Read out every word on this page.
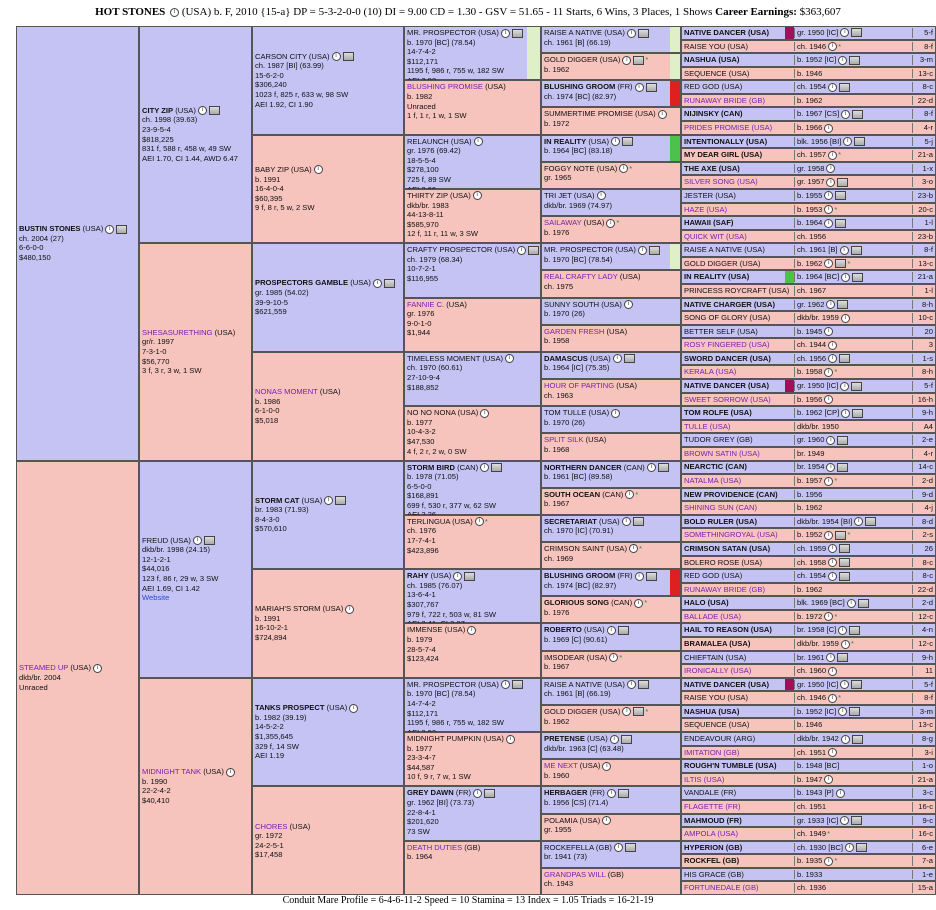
HOT STONES i (USA) b. F, 2010 {15-a} DP = 5-3-2-0-0 (10) DI = 9.00 CD = 1.30 - GSV = 51.65 - 11 Starts, 6 Wins, 3 Places, 1 Shows Career Earnings: $363,607
BUSTIN STONES (USA) i
ch. 2004 (27)
6-6-0-0
$480,150
STEAMED UP (USA) i
dkb/br. 2004
Unraced
CITY ZIP (USA) i
ch. 1998 (39.63)
23-9-5-4
$818,225
831 f, 588 r, 458 w, 49 SW
AEI 1.70, CI 1.44, AWD 6.47
SHESASURETHING (USA)
gr/r. 1997
7-3-1-0
$56,770
3 f, 3 r, 3 w, 1 SW
FREUD (USA) i
dkb/br. 1998 (24.15)
12-1-2-1
$44,016
123 f, 86 r, 29 w, 3 SW
AEI 1.69, CI 1.42
Website
MIDNIGHT TANK (USA) i
b. 1990
22-2-4-2
$40,410
CARSON CITY (USA) i
ch. 1987 [BI] (63.99)
15-6-2-0
$306,240
1023 f, 825 r, 633 w, 98 SW
AEI 1.92, CI 1.90
BABY ZIP (USA) i
b. 1991
16-4-0-4
$60,395
9 f, 8 r, 5 w, 2 SW
PROSPECTORS GAMBLE (USA) i
gr. 1985 (54.02)
39-9-10-5
$621,559
NONAS MOMENT (USA)
b. 1986
6-1-0-0
$5,018
STORM CAT (USA) i
br. 1983 (71.93)
8-4-3-0
$570,610
MARIAH'S STORM (USA) i
b. 1991
16-10-2-1
$724,894
TANKS PROSPECT (USA) i
b. 1982 (39.19)
14-5-2-2
$1,355,645
329 f, 14 SW
AEI 1.19
CHORES (USA)
gr. 1972
24-2-5-1
$17,458
MR. PROSPECTOR (USA) i
b. 1970 [BC] (78.54)
14-7-4-2
$112,171
1195 f, 986 r, 755 w, 182 SW
BLUSHING PROMISE (USA)
b. 1982
Unraced
1 f, 1 r, 1 w, 1 SW
RELAUNCH (USA) i
gr. 1976 (69.42)
18-5-5-4
$278,100
725 f, 89 SW
THIRTY ZIP (USA) i
dkb/br. 1983
44-13-8-11
$585,970
12 f, 11 r, 11 w, 3 SW
CRAFTY PROSPECTOR (USA) i
ch. 1979 (68.34)
10-7-2-1
$116,955
FANNIE C. (USA)
gr. 1976
9-0-1-0
$1,944
TIMELESS MOMENT (USA) i
ch. 1970 (60.61)
27-10-9-4
$188,852
NO NO NONA (USA) i
b. 1977
10-4-3-2
$47,530
4 f, 2 r, 2 w, 0 SW
STORM BIRD (CAN) i
b. 1978 (71.05)
6-5-0-0
$168,891
699 f, 530 r, 377 w, 62 SW
TERLINGUA (USA) i *
ch. 1976
17-7-4-1
$423,896
RAHY (USA) i
ch. 1985 (76.07)
13-6-4-1
$307,767
979 f, 722 r, 503 w, 81 SW
IMMENSE (USA) i
b. 1979
28-5-7-4
$123,424
MR. PROSPECTOR (USA) i
b. 1970 [BC] (78.54)
14-7-4-2
$112,171
1195 f, 986 r, 755 w, 182 SW
MIDNIGHT PUMPKIN (USA) i
b. 1977
23-3-4-7
$44,587
10 f, 9 r, 7 w, 1 SW
GREY DAWN (FR) i
gr. 1962 [BI] (73.73)
22-8-4-1
$201,620
73 SW
DEATH DUTIES (GB)
b. 1964
RAISE A NATIVE (USA) i
ch. 1961 [B] (66.19)
GOLD DIGGER (USA) i *
b. 1962
BLUSHING GROOM (FR) i
ch. 1974 [BC] (82.97)
SUMMERTIME PROMISE (USA) i
b. 1972
IN REALITY (USA) i
b. 1964 [BC] (83.18)
FOGGY NOTE (USA) i *
gr. 1965
TRI JET (USA) i
dkb/br. 1969 (74.97)
SAILAWAY (USA) i *
b. 1976
MR. PROSPECTOR (USA) i
b. 1970 [BC] (78.54)
REAL CRAFTY LADY (USA)
ch. 1975
SUNNY SOUTH (USA) i
b. 1970 (26)
GARDEN FRESH (USA)
b. 1958
DAMASCUS (USA) i
b. 1964 [IC] (75.35)
HOUR OF PARTING (USA)
ch. 1963
TOM TULLE (USA) i
b. 1970 (26)
SPLIT SILK (USA)
b. 1968
NORTHERN DANCER (CAN) i
b. 1961 [BC] (89.58)
SOUTH OCEAN (CAN) i *
b. 1967
SECRETARIAT (USA) i
ch. 1970 [IC] (70.91)
CRIMSON SAINT (USA) i *
ch. 1969
BLUSHING GROOM (FR) i
ch. 1974 [BC] (82.97)
GLORIOUS SONG (CAN) i *
b. 1976
ROBERTO (USA) i
b. 1969 [C] (90.61)
IMSODEAR (USA) i *
b. 1967
RAISE A NATIVE (USA) i
ch. 1961 [B] (66.19)
GOLD DIGGER (USA) i *
b. 1962
PRETENSE (USA) i
dkb/br. 1963 [C] (63.48)
ME NEXT (USA) i
b. 1960
HERBAGER (FR) i
b. 1956 [CS] (71.4)
POLAMIA (USA) i
gr. 1955
ROCKEFELLA (GB) i
br. 1941 (73)
GRANDPAS WILL (GB)
ch. 1943
NATIVE DANCER (USA)	gr. 1950 [IC] i	5-f
RAISE YOU (USA)	ch. 1946 i *	8-f
NASHUA (USA)	b. 1952 [IC] i	3-m
SEQUENCE (USA)	b. 1946	13-c
RED GOD (USA)	ch. 1954 i	8-c
RUNAWAY BRIDE (GB)	b. 1962	22-d
NIJINSKY (CAN)	b. 1967 [CS] i	8-f
PRIDES PROMISE (USA)	b. 1966 i	4-r
INTENTIONALLY (USA)	blk. 1956 [BI] i	5-j
MY DEAR GIRL (USA)	ch. 1957 i *	21-a
THE AXE (USA)	gr. 1958 i	1-x
SILVER SONG (USA)	gr. 1957 i	3-o
JESTER (USA)	b. 1955 i	23-b
HAZE (USA)	b. 1953 i *	20-c
HAWAII (SAF)	b. 1964 i	1-l
QUICK WIT (USA)	ch. 1956	23-b
RAISE A NATIVE (USA)	ch. 1961 [B] i	8-f
GOLD DIGGER (USA)	b. 1962 i *	13-c
IN REALITY (USA)	b. 1964 [BC] i	21-a
PRINCESS ROYCRAFT (USA)	ch. 1967	1-l
NATIVE CHARGER (USA)	gr. 1962 i	8-h
SONG OF GLORY (USA)	dkb/br. 1959 i	10-c
BETTER SELF (USA)	b. 1945 i	20
ROSY FINGERED (USA)	ch. 1944 i	3
SWORD DANCER (USA)	ch. 1956 i	1-s
KERALA (USA)	b. 1958 i *	8-h
NATIVE DANCER (USA)	gr. 1950 [IC] i	5-f
SWEET SORROW (USA)	b. 1956 i	16-h
TOM ROLFE (USA)	b. 1962 [CP] i	9-h
TULLE (USA)	dkb/br. 1950	A4
TUDOR GREY (GB)	gr. 1960 i	2-e
BROWN SATIN (USA)	br. 1949	4-r
NEARCTIC (CAN)	br. 1954 i	14-c
NATALMA (USA)	b. 1957 i *	2-d
NEW PROVIDENCE (CAN)	b. 1956	9-d
SHINING SUN (CAN)	b. 1962	4-j
BOLD RULER (USA)	dkb/br. 1954 [BI] i	8-d
SOMETHINGROYAL (USA)	b. 1952 i *	2-s
CRIMSON SATAN (USA)	ch. 1959 i	26
BOLERO ROSE (USA)	ch. 1958 i	8-c
RED GOD (USA)	ch. 1954 i	8-c
RUNAWAY BRIDE (GB)	b. 1962	22-d
HALO (USA)	blk. 1969 [BC] i	2-d
BALLADE (USA)	b. 1972 i *	12-c
HAIL TO REASON (USA)	br. 1958 [C] i	4-n
BRAMALEA (USA)	dkb/br. 1959 i *	12-c
CHIEFTAIN (USA)	br. 1961 i	9-h
IRONICALLY (USA)	ch. 1960 i	11
NATIVE DANCER (USA)	gr. 1950 [IC] i	5-f
RAISE YOU (USA)	ch. 1946 i *	8-f
NASHUA (USA)	b. 1952 [IC] i	3-m
SEQUENCE (USA)	b. 1946	13-c
ENDEAVOUR (ARG)	dkb/br. 1942 i	8-g
IMITATION (GB)	ch. 1951 i	3-i
ROUGH'N TUMBLE (USA)	b. 1948 [BC]	1-o
ILTIS (USA)	b. 1947 i	21-a
VANDALE (FR)	b. 1943 [P] i	3-c
FLAGETTE (FR)	ch. 1951	16-c
MAHMOUD (FR)	gr. 1933 [IC] i	9-c
AMPOLA (USA)	ch. 1949*	16-c
HYPERION (GB)	ch. 1930 [BC] i	6-e
ROCKFEL (GB)	b. 1935 i *	7-a
HIS GRACE (GB)	b. 1933	1-e
FORTUNEDALE (GB)	ch. 1936	15-a
Conduit Mare Profile = 6-4-6-11-2 Speed = 10 Stamina = 13 Index = 1.05 Triads = 16-21-19
